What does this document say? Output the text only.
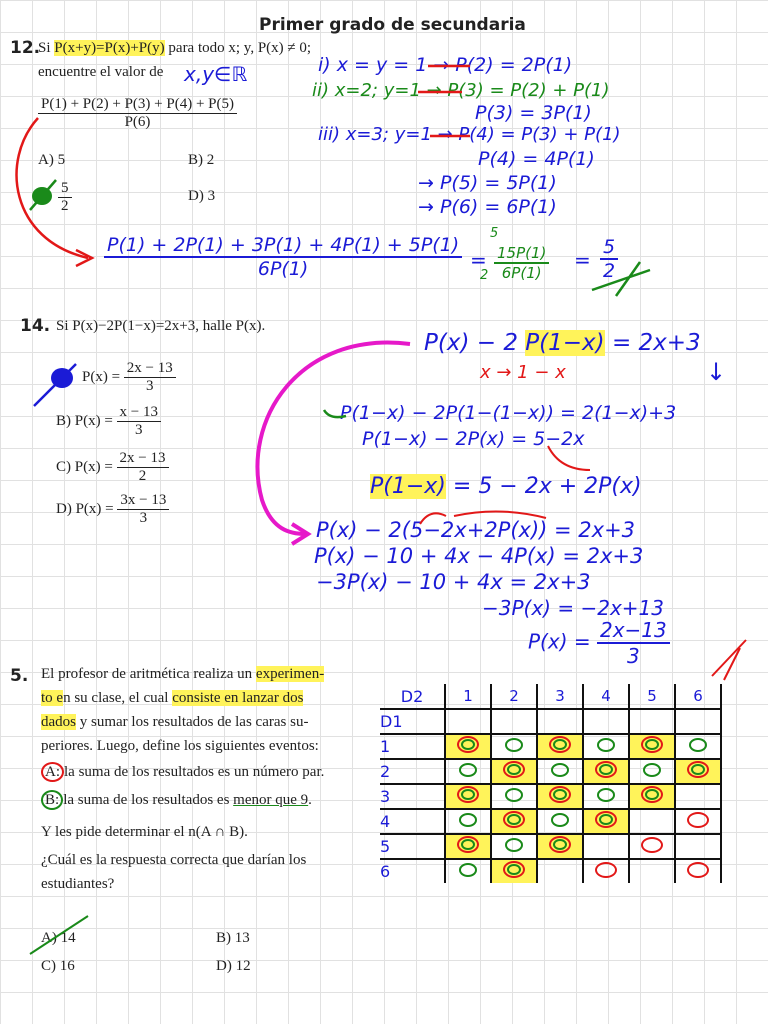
Primer grado de secundaria
12.
Si P(x+y)=P(x)+P(y) para todo x; y, P(x) ≠ 0;
encuentre el valor de
$\frac{P(1) + P(2) + P(3) + P(4) + P(5)}{P(6)}$
A) 5	B) 2
$\frac{5}{2}$	D) 3
x,y∈ℝ	i) x = y = 1 → P(2) = 2P(1)
ii) x=2; y=1 → P(3) = P(2) + P(1)
P(3) = 3P(1)
iii) x=3; y=1 → P(4) = P(3) + P(1)
P(4) = 4P(1)
→ P(5) = 5P(1)
→ P(6) = 6P(1)
$\frac{P(1) + 2P(1) + 3P(1) + 4P(1) + 5P(1)}{6P(1)}$
5
$2 \frac{15P(1)}{6P(1)}$
=	= $\frac{5}{2}$
14. Si P(x)−2P(1−x)=2x+3, halle P(x).
$P(x) = \frac{2x - 13}{3}$
B) $P(x) = \frac{x - 13}{3}$
C) $P(x) = \frac{2x - 13}{2}$
D) $P(x) = \frac{3x - 13}{3}$
P(x) − 2 P(1−x) = 2x+3
x → 1 − x	↓
P(1−x) − 2P(1−(1−x)) = 2(1−x)+3
P(1−x) − 2P(x) = 5−2x
P(1−x) = 5 − 2x + 2P(x)
P(x) − 2(5−2x+2P(x)) = 2x+3
P(x) − 10 + 4x − 4P(x) = 2x+3
−3P(x) − 10 + 4x = 2x+3
−3P(x) = −2x+13
$P(x) = \frac{2x-13}{3}$
5. El profesor de aritmética realiza un experimen-
to en su clase, el cual consiste en lanzar dos
dados y sumar los resultados de las caras su-
periores. Luego, define los siguientes eventos:
A: la suma de los resultados es un número par.
B: la suma de los resultados es menor que 9.
Y les pide determinar el n(A ∩ B).
¿Cuál es la respuesta correcta que darían los
estudiantes?
A) 14	B) 13
C) 16	D) 12
D2	1	2	3	4	5	6
D1						
1						
2						
3						
4						
5						
6						
